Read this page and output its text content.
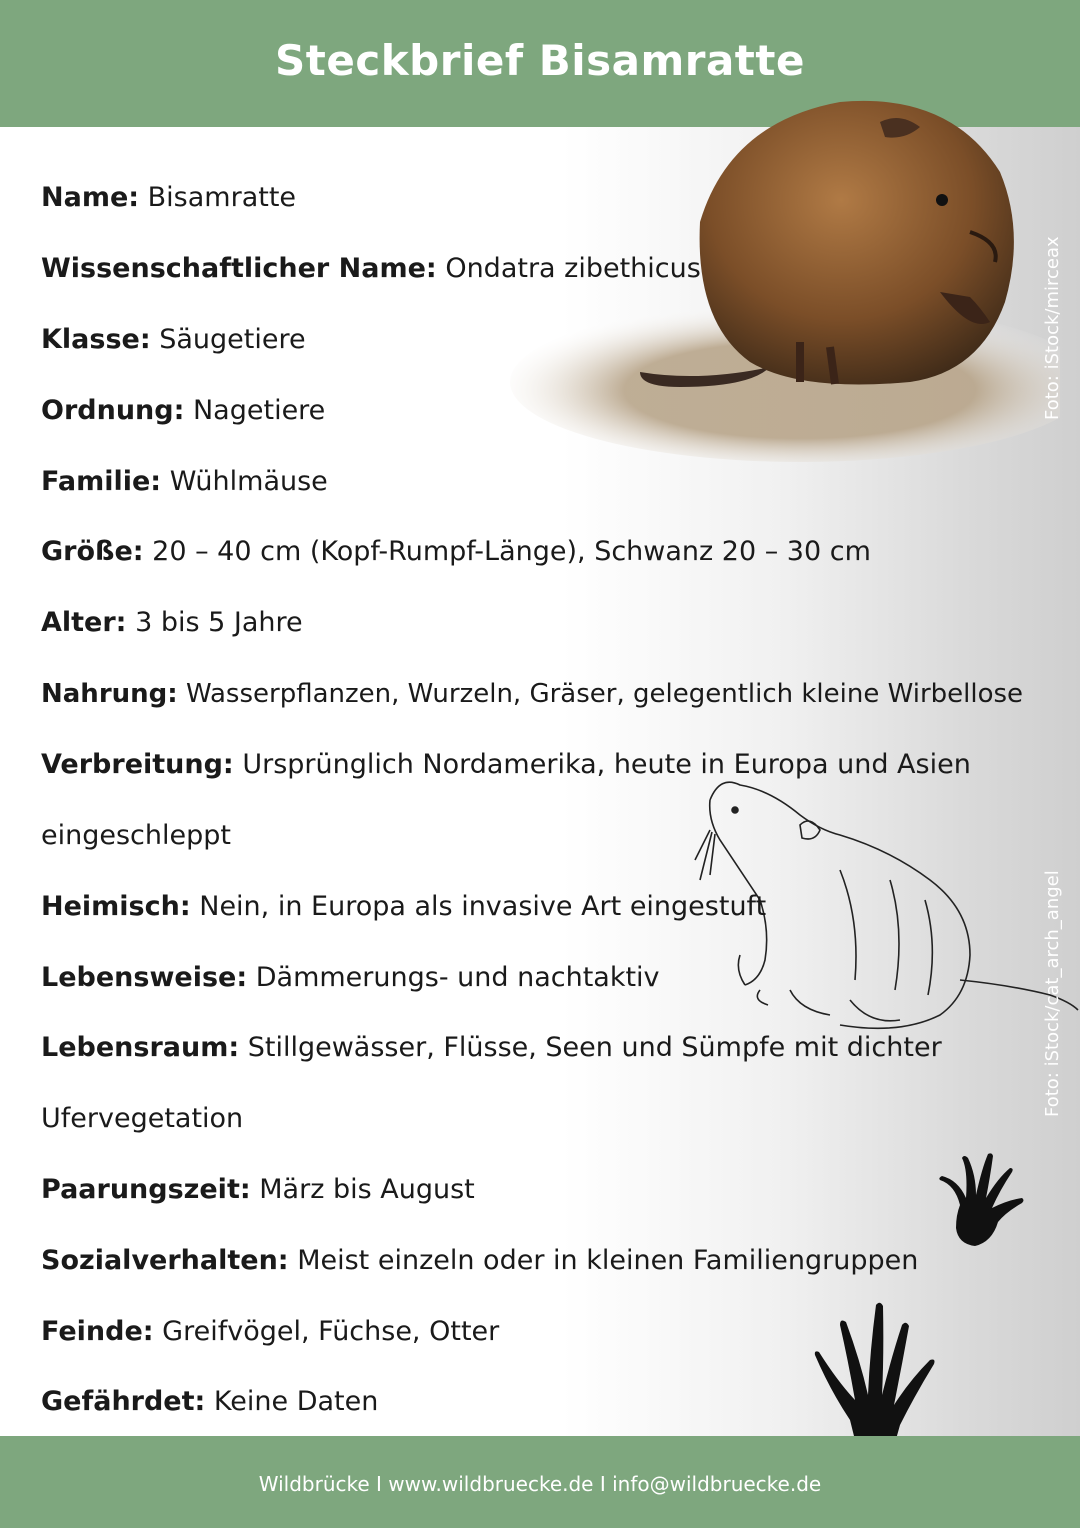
Steckbrief Bisamratte
Foto: iStock/mirceax
Foto: iStock/cat_arch_angel
Name: Bisamratte
Wissenschaftlicher Name: Ondatra zibethicus
Klasse: Säugetiere
Ordnung: Nagetiere
Familie: Wühlmäuse
Größe: 20 – 40 cm (Kopf-Rumpf-Länge), Schwanz 20 – 30 cm
Alter: 3 bis 5 Jahre
Nahrung: Wasserpflanzen, Wurzeln, Gräser, gelegentlich kleine Wirbellose
Verbreitung: Ursprünglich Nordamerika, heute in Europa und Asien
eingeschleppt
Heimisch: Nein, in Europa als invasive Art eingestuft
Lebensweise: Dämmerungs- und nachtaktiv
Lebensraum: Stillgewässer, Flüsse, Seen und Sümpfe mit dichter
Ufervegetation
Paarungszeit: März bis August
Sozialverhalten: Meist einzeln oder in kleinen Familiengruppen
Feinde: Greifvögel, Füchse, Otter
Gefährdet: Keine Daten
Wildbrücke I www.wildbruecke.de I info@wildbruecke.de
